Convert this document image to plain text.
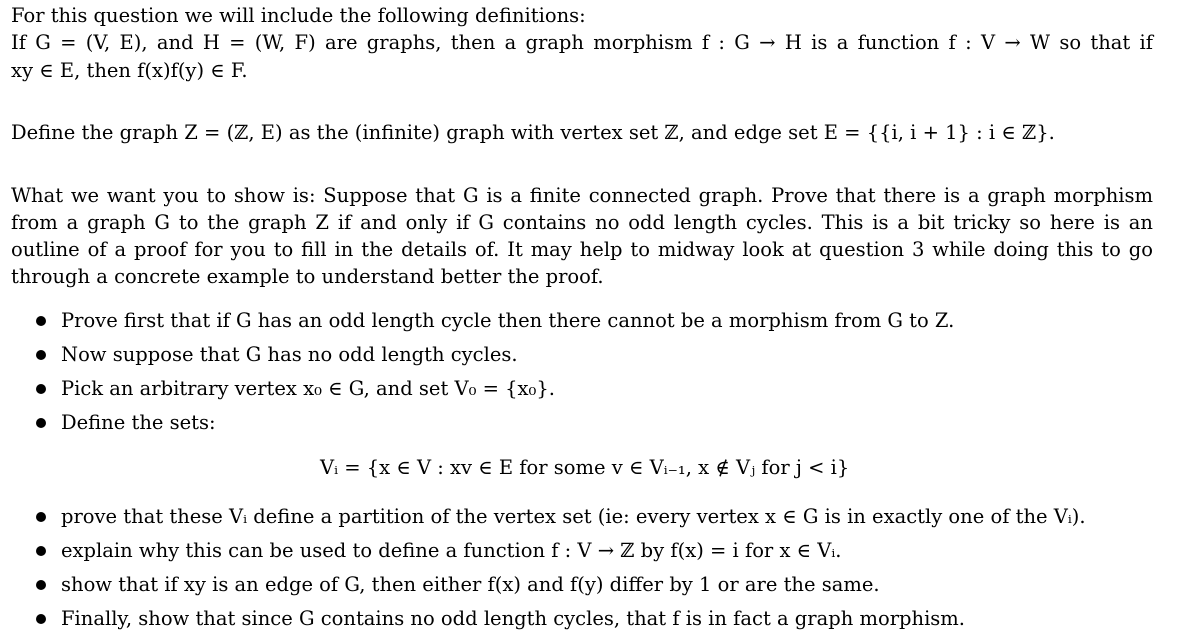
For this question we will include the following definitions:
If G = (V, E), and H = (W, F) are graphs, then a graph morphism f : G → H is a function f : V → W so that if
xy ∈ E, then f(x)f(y) ∈ F.
Define the graph Z = (ℤ, E) as the (infinite) graph with vertex set ℤ, and edge set E = {{i, i + 1} : i ∈ ℤ}.
What we want you to show is: Suppose that G is a finite connected graph. Prove that there is a graph morphism
from a graph G to the graph Z if and only if G contains no odd length cycles. This is a bit tricky so here is an
outline of a proof for you to fill in the details of. It may help to midway look at question 3 while doing this to go
through a concrete example to understand better the proof.
Prove first that if G has an odd length cycle then there cannot be a morphism from G to Z.
Now suppose that G has no odd length cycles.
Pick an arbitrary vertex x₀ ∈ G, and set V₀ = {x₀}.
Define the sets:
Vᵢ = {x ∈ V : xv ∈ E for some v ∈ Vᵢ₋₁, x ∉ Vⱼ for j < i}
prove that these Vᵢ define a partition of the vertex set (ie: every vertex x ∈ G is in exactly one of the Vᵢ).
explain why this can be used to define a function f : V → ℤ by f(x) = i for x ∈ Vᵢ.
show that if xy is an edge of G, then either f(x) and f(y) differ by 1 or are the same.
Finally, show that since G contains no odd length cycles, that f is in fact a graph morphism.
